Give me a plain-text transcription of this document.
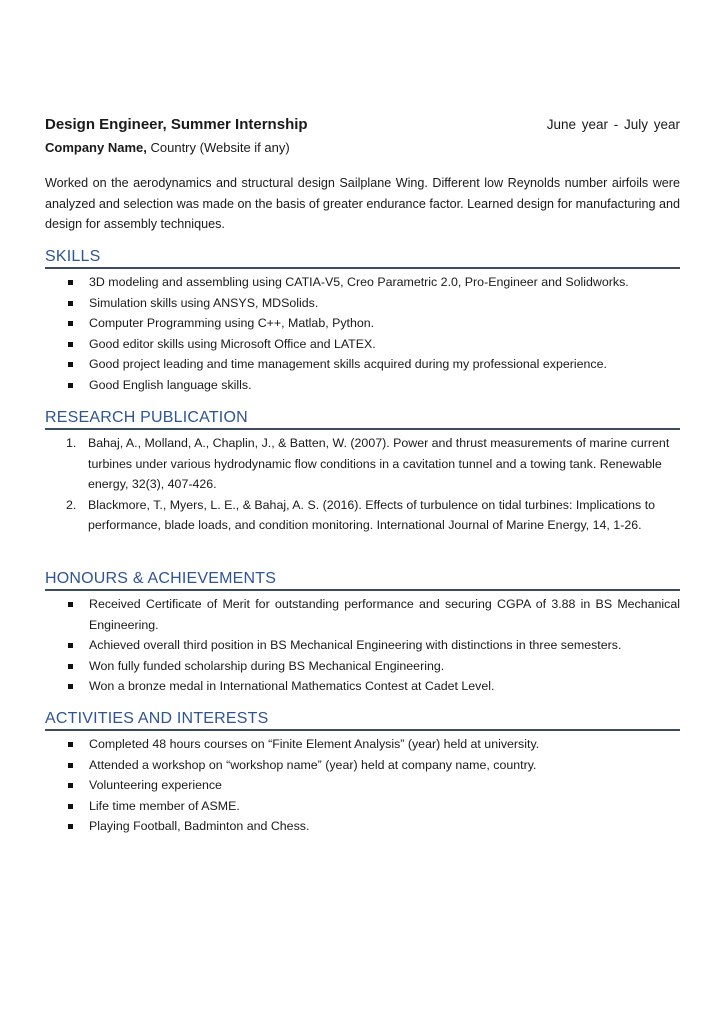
Design Engineer, Summer Internship	June year - July year
Company Name, Country (Website if any)
Worked on the aerodynamics and structural design Sailplane Wing. Different low Reynolds number airfoils were analyzed and selection was made on the basis of greater endurance factor. Learned design for manufacturing and design for assembly techniques.
SKILLS
3D modeling and assembling using CATIA-V5, Creo Parametric 2.0, Pro-Engineer and Solidworks.
Simulation skills using ANSYS, MDSolids.
Computer Programming using C++, Matlab, Python.
Good editor skills using Microsoft Office and LATEX.
Good project leading and time management skills acquired during my professional experience.
Good English language skills.
RESEARCH PUBLICATION
1. Bahaj, A., Molland, A., Chaplin, J., & Batten, W. (2007). Power and thrust measurements of marine current turbines under various hydrodynamic flow conditions in a cavitation tunnel and a towing tank. Renewable energy, 32(3), 407-426.
2. Blackmore, T., Myers, L. E., & Bahaj, A. S. (2016). Effects of turbulence on tidal turbines: Implications to performance, blade loads, and condition monitoring. International Journal of Marine Energy, 14, 1-26.
HONOURS & ACHIEVEMENTS
Received Certificate of Merit for outstanding performance and securing CGPA of 3.88 in BS Mechanical Engineering.
Achieved overall third position in BS Mechanical Engineering with distinctions in three semesters.
Won fully funded scholarship during BS Mechanical Engineering.
Won a bronze medal in International Mathematics Contest at Cadet Level.
ACTIVITIES AND INTERESTS
Completed 48 hours courses on “Finite Element Analysis” (year) held at university.
Attended a workshop on “workshop name” (year) held at company name, country.
Volunteering experience
Life time member of ASME.
Playing Football, Badminton and Chess.
